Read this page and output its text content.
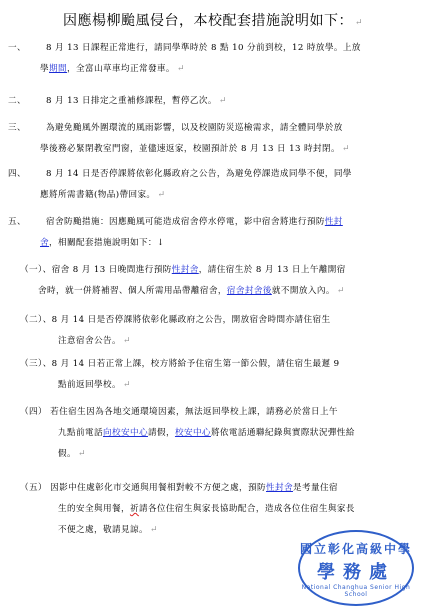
因應楊柳颱風侵台，本校配套措施說明如下： ↵
一、 8 月 13 日課程正常進行，請同學準時於 8 點 10 分前到校，12 時放學。上放
學期間，全富山草車均正常發車。 ↵
二、 8 月 13 日排定之重補修課程，暫停乙次。 ↵
三、 為避免颱風外圍環流的風雨影響，以及校園防災巡檢需求，請全體同學於放
學後務必緊閉教室門窗，並儘速返家，校園預計於 8 月 13 日 13 時封閉。 ↵
四、 8 月 14 日是否停課將依彰化縣政府之公告，為避免停課造成同學不便，同學
應將所需書籍(物品)帶回家。 ↵
五、 宿舍防颱措施：因應颱風可能造成宿舍停水停電，影中宿舍將進行預防性封
舍，相關配套措施說明如下：↓
（一）、宿舍 8 月 13 日晚間進行預防性封舍，請住宿生於 8 月 13 日上午離開宿
舍時，就一併將補習、個人所需用品帶離宿舍，宿舍封舍後就不開放入內。 ↵
（二）、8 月 14 日是否停課將依彰化縣政府之公告，開放宿舍時間亦請住宿生
注意宿舍公告。 ↵
（三）、8 月 14 日若正常上課，校方將給予住宿生第一節公假，請住宿生最遲 9
點前返回學校。 ↵
（四） 若住宿生因為各地交通環境因素，無法返回學校上課，請務必於當日上午
九點前電話向校安中心請假，校安中心將依電話通聯紀錄與實際狀況彈性給
假。 ↵
（五） 因影中住處彰化市交通與用餐相對較不方便之處，預防性封舍是考量住宿
生的安全與用餐，祈請各位住宿生與家長協助配合，造成各位住宿生與家長
不便之處，敬請見諒。 ↵
國立彰化高級中學
學務處
National Changhua Senior High School
